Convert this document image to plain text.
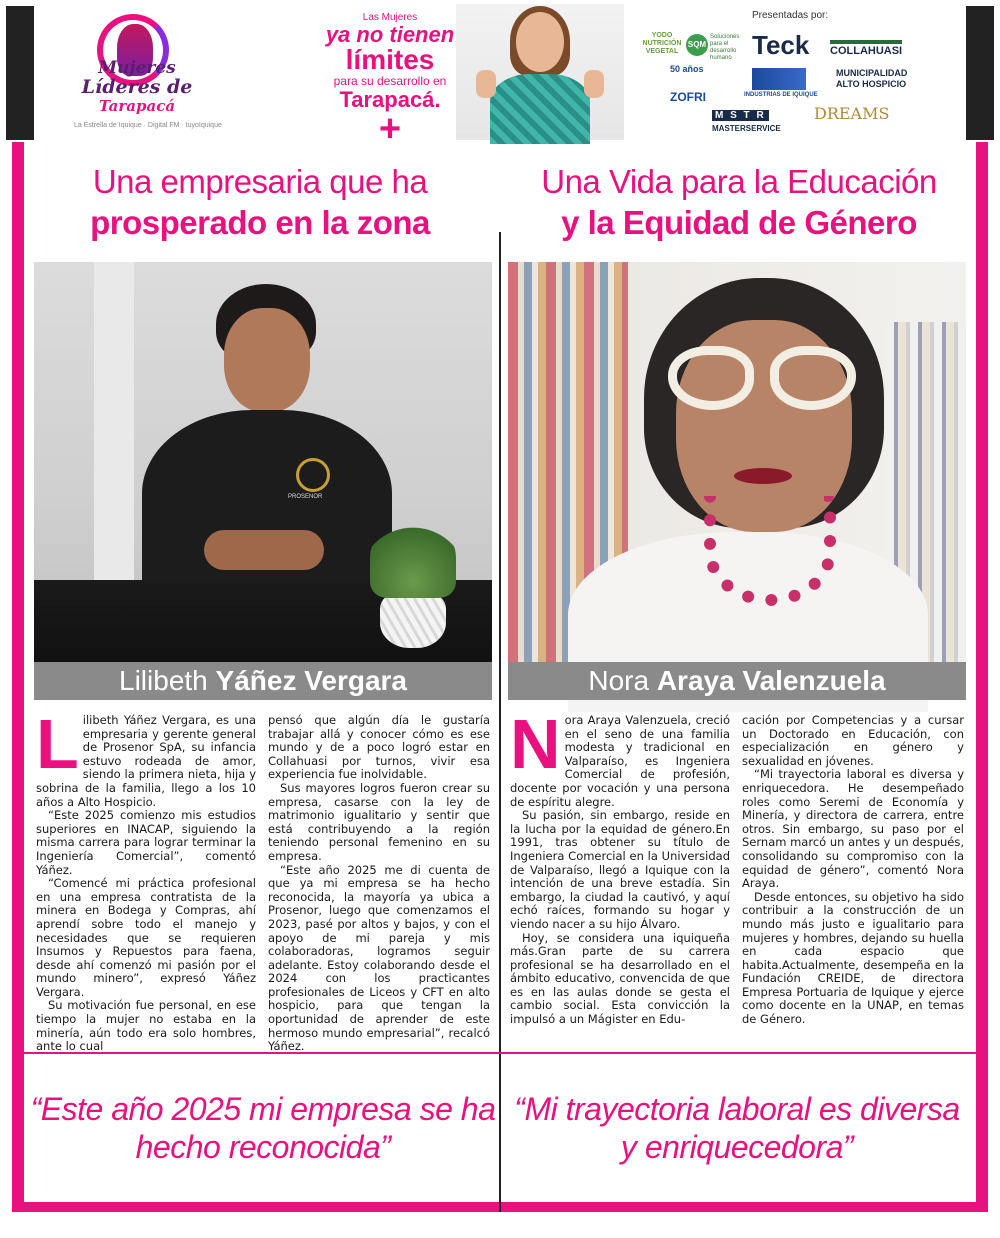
Mujeres
Líderes de
Tarapacá
La Estrella de Iquique · Digital FM · tuyoIquique
Las Mujeres
ya no tienen
límites
para su desarrollo en
Tarapacá.
+
Presentadas por:
YODO NUTRICIÓN VEGETAL
SQM
Soluciones para el desarrollo humano Teck COLLAHUASI
50 años
ZOFRI	INDUSTRIAS DE IQUIQUE
MUNICIPALIDAD ALTO HOSPICIO
M S T R
MASTERSERVICE
DREAMS
Una empresaria que ha
prosperado en la zona
PROSENOR
Lilibeth Yáñez Vergara

Lilibeth Yáñez Vergara, es una empresaria y gerente general de Prosenor SpA, su infancia estuvo rodeada de amor, siendo la primera nieta, hija y sobrina de la familia, llego a los 10 años a Alto Hospicio.

“Este 2025 comienzo mis estudios superiores en INACAP, siguiendo la misma carrera para lograr terminar la Ingeniería Comercial”, comentó Yáñez.

“Comencé mi práctica profesional en una empresa contratista de la minera en Bodega y Compras, ahí aprendí sobre todo el manejo y necesidades que se requieren Insumos y Repuestos para faena, desde ahí comenzó mi pasión por el mundo minero”, expresó Yáñez Vergara.

Su motivación fue personal, en ese tiempo la mujer no estaba en la minería, aún todo era solo hombres, ante lo cual

pensó que algún día le gustaría trabajar allá y conocer cómo es ese mundo y de a poco logró estar en Collahuasi por turnos, vivir esa experiencia fue inolvidable.

Sus mayores logros fueron crear su empresa, casarse con la ley de matrimonio igualitario y sentir que está contribuyendo a la región teniendo personal femenino en su empresa.

“Este año 2025 me di cuenta de que ya mi empresa se ha hecho reconocida, la mayoría ya ubica a Prosenor, luego que comenzamos el 2023, pasé por altos y bajos, y con el apoyo de mi pareja y mis colaboradoras, logramos seguir adelante. Estoy colaborando desde el 2024 con los practicantes profesionales de Liceos y CFT en alto hospicio, para que tengan la oportunidad de aprender de este hermoso mundo empresarial”, recalcó Yáñez.

“Este año 2025 mi empresa se ha hecho reconocida”
Una Vida para la Educación
y la Equidad de Género
Nora Araya Valenzuela

Nora Araya Valenzuela, creció en el seno de una familia modesta y tradicional en Valparaíso, es Ingeniera Comercial de profesión, docente por vocación y una persona de espíritu alegre.

Su pasión, sin embargo, reside en la lucha por la equidad de género.En 1991, tras obtener su título de Ingeniera Comercial en la Universidad de Valparaíso, llegó a Iquique con la intención de una breve estadía. Sin embargo, la ciudad la cautivó, y aquí echó raíces, formando su hogar y viendo nacer a su hijo Álvaro.

Hoy, se considera una iquiqueña más.Gran parte de su carrera profesional se ha desarrollado en el ámbito educativo, convencida de que es en las aulas donde se gesta el cambio social. Esta convicción la impulsó a un Mágister en Edu-

cación por Competencias y a cursar un Doctorado en Educación, con especialización en género y sexualidad en jóvenes.

“Mi trayectoria laboral es diversa y enriquecedora. He desempeñado roles como Seremi de Economía y Minería, y directora de carrera, entre otros. Sin embargo, su paso por el Sernam marcó un antes y un después, consolidando su compromiso con la equidad de género”, comentó Nora Araya.

Desde entonces, su objetivo ha sido contribuir a la construcción de un mundo más justo e igualitario para mujeres y hombres, dejando su huella en cada espacio que habita.Actualmente, desempeña en la Fundación CREIDE, de directora Empresa Portuaria de Iquique y ejerce como docente en la UNAP, en temas de Género.

“Mi trayectoria laboral es diversa y enriquecedora”
